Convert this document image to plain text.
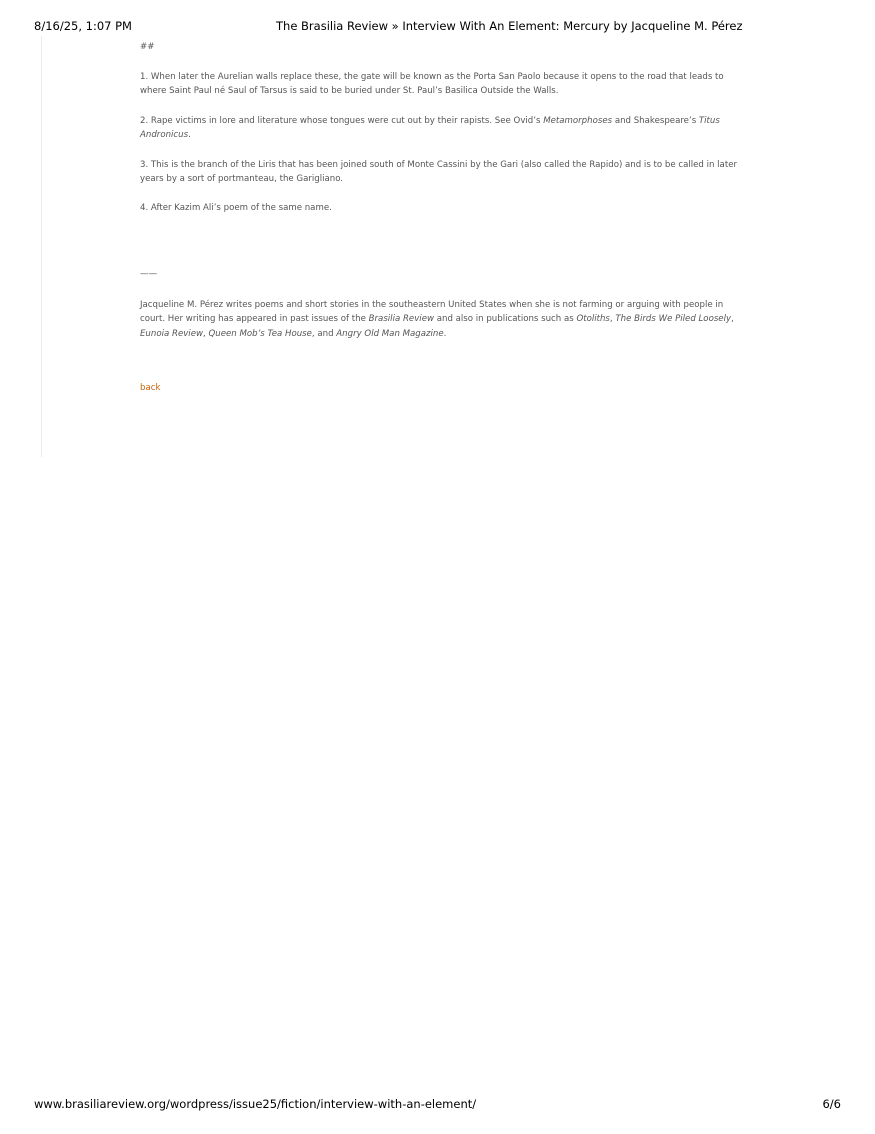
8/16/25, 1:07 PM	The Brasilia Review » Interview With An Element: Mercury by Jacqueline M. Pérez

##

1. When later the Aurelian walls replace these, the gate will be known as the Porta San Paolo because it opens to the road that leads to where Saint Paul né Saul of Tarsus is said to be buried under St. Paul’s Basilica Outside the Walls.

2. Rape victims in lore and literature whose tongues were cut out by their rapists. See Ovid’s Metamorphoses and Shakespeare’s Titus Andronicus.

3. This is the branch of the Liris that has been joined south of Monte Cassini by the Gari (also called the Rapido) and is to be called in later years by a sort of portmanteau, the Garigliano.

4. After Kazim Ali’s poem of the same name.

——

Jacqueline M. Pérez writes poems and short stories in the southeastern United States when she is not farming or arguing with people in court. Her writing has appeared in past issues of the Brasilia Review and also in publications such as Otoliths, The Birds We Piled Loosely, Eunoia Review, Queen Mob’s Tea House, and Angry Old Man Magazine.

back

www.brasiliareview.org/wordpress/issue25/fiction/interview-with-an-element/	6/6
